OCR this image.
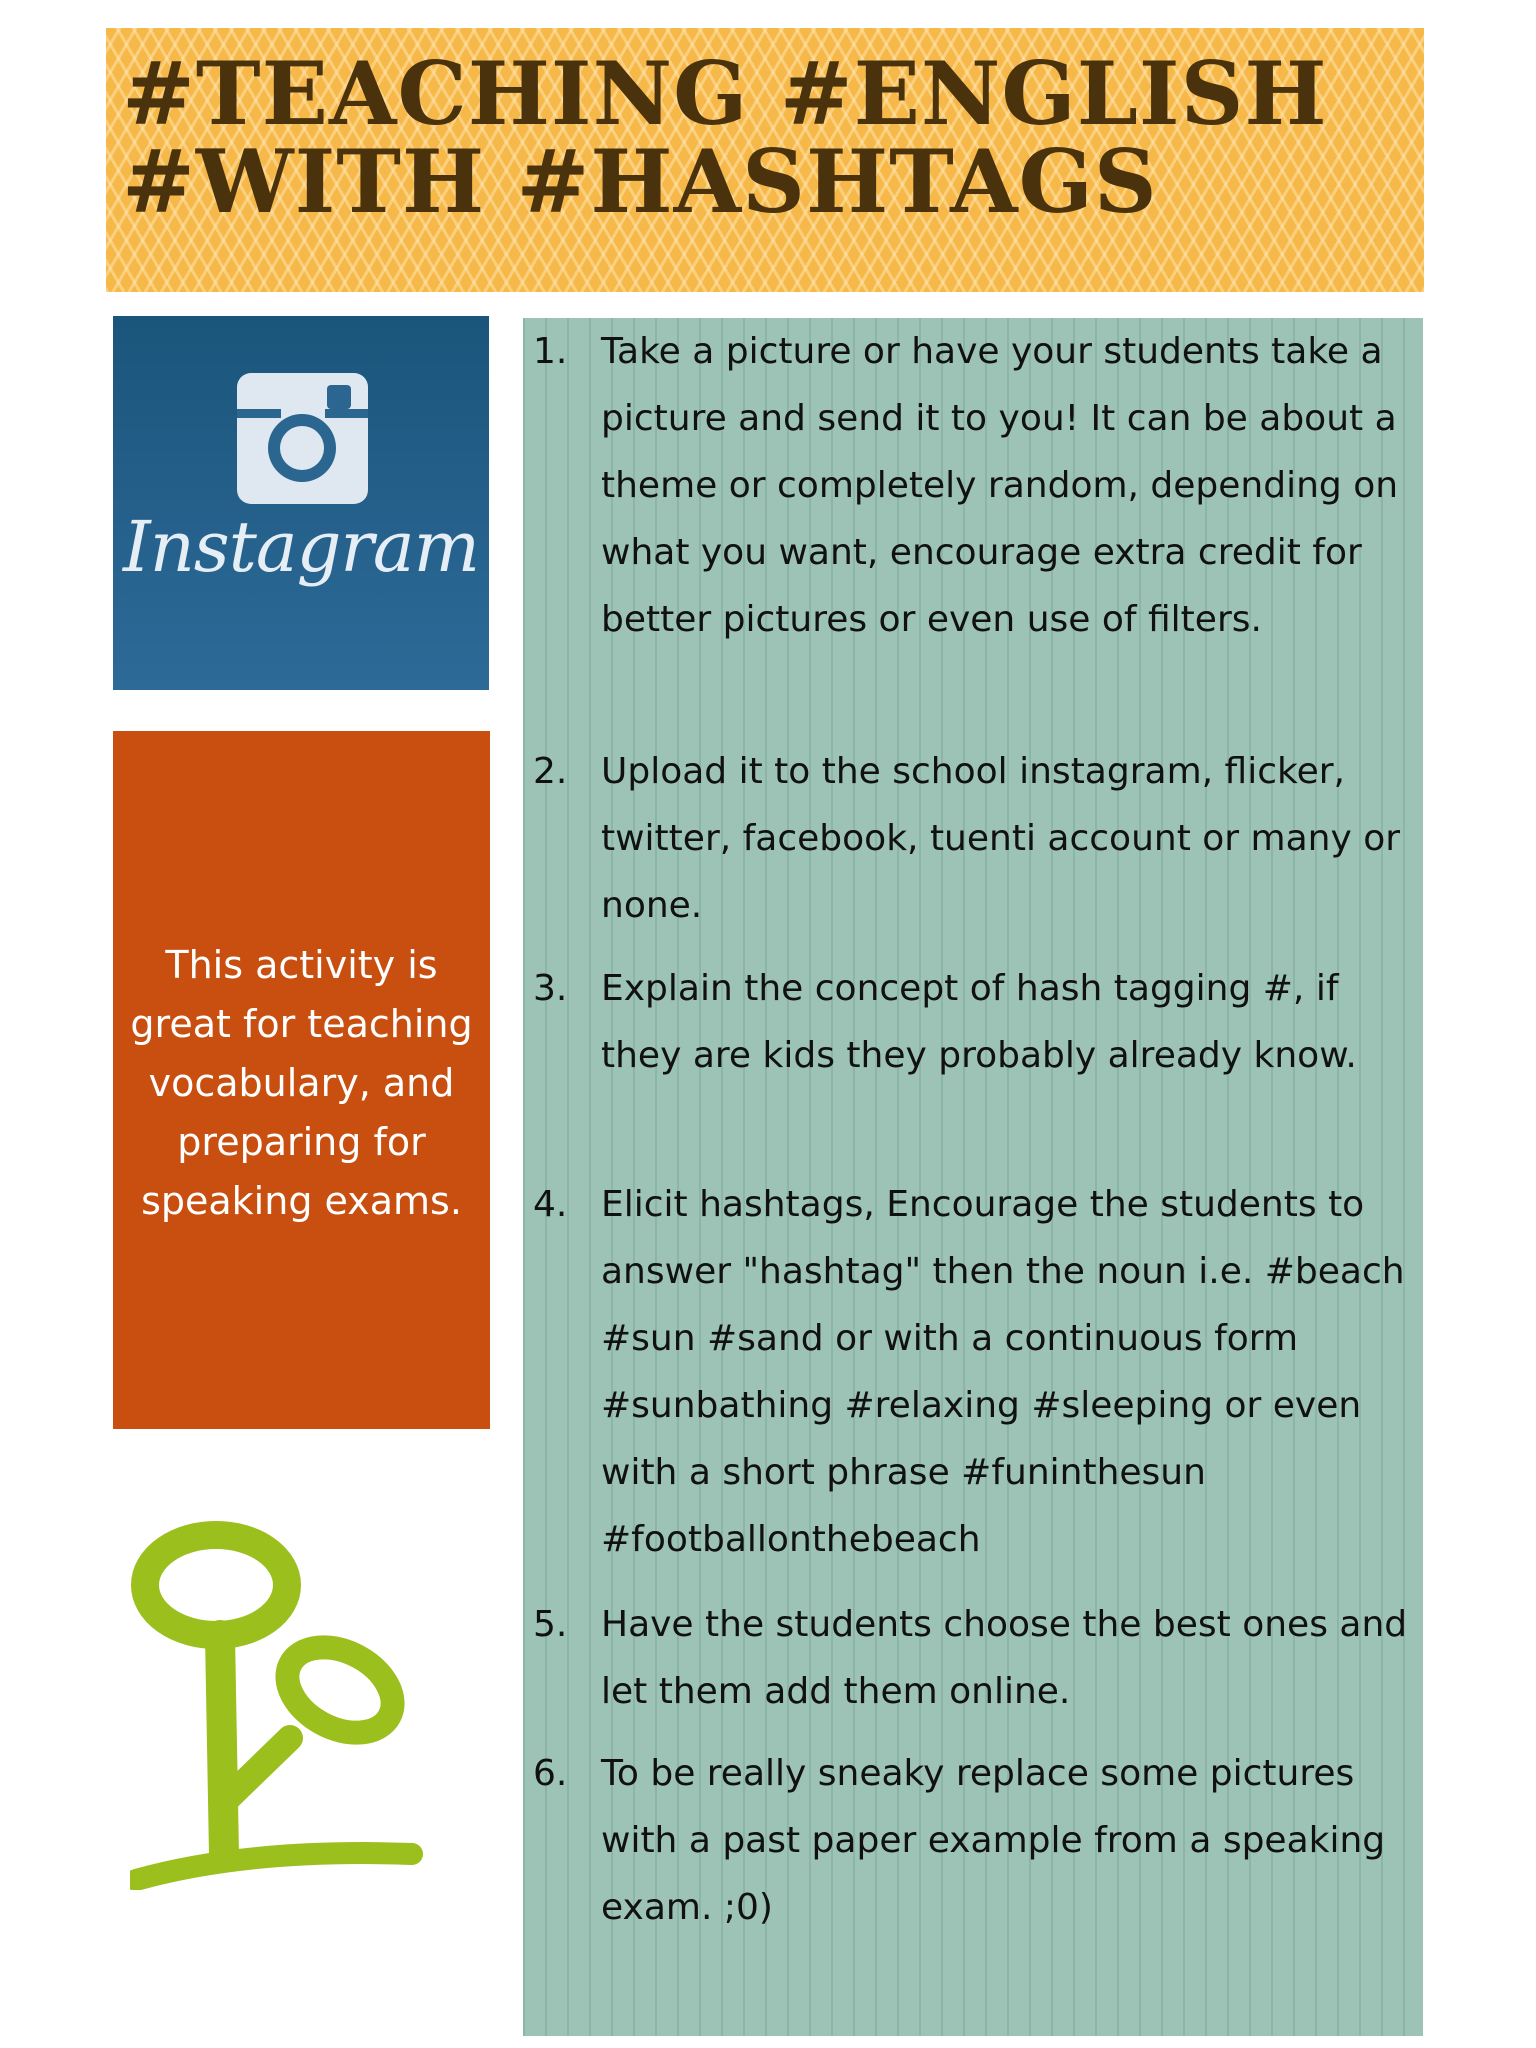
#TEACHING #ENGLISH
#WITH #HASHTAGS

Instagram

This activity is great for teaching vocabulary, and preparing for speaking exams.

1. Take a picture or have your students take a picture and send it to you! It can be about a theme or completely random, depending on what you want, encourage extra credit for better pictures or even use of filters.
2. Upload it to the school instagram, flicker, twitter, facebook, tuenti account or many or none.
3. Explain the concept of hash tagging #, if they are kids they probably already know.
4. Elicit hashtags, Encourage the students to answer "hashtag" then the noun i.e. #beach #sun #sand or with a continuous form #sunbathing #relaxing #sleeping or even with a short phrase #funinthesun #footballonthebeach
5. Have the students choose the best ones and let them add them online.
6. To be really sneaky replace some pictures with a past paper example from a speaking exam. ;0)
